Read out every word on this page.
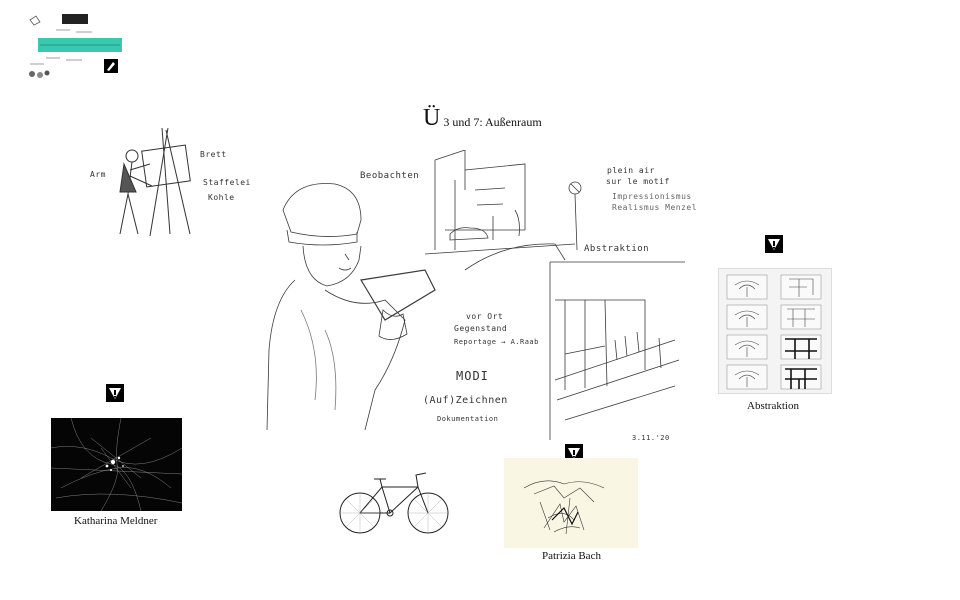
Ü 3 und 7: Außenraum
Arm
Brett
Staffelei
Kohle
Beobachten
plein air
sur le motif
Impressionismus
Realismus Menzel
Abstraktion
vor Ort
Gegenstand
Reportage → A.Raab
MODI
(Auf)Zeichnen
Dokumentation
3.11.'20
Abstraktion
Katharina Meldner
Patrizia Bach
